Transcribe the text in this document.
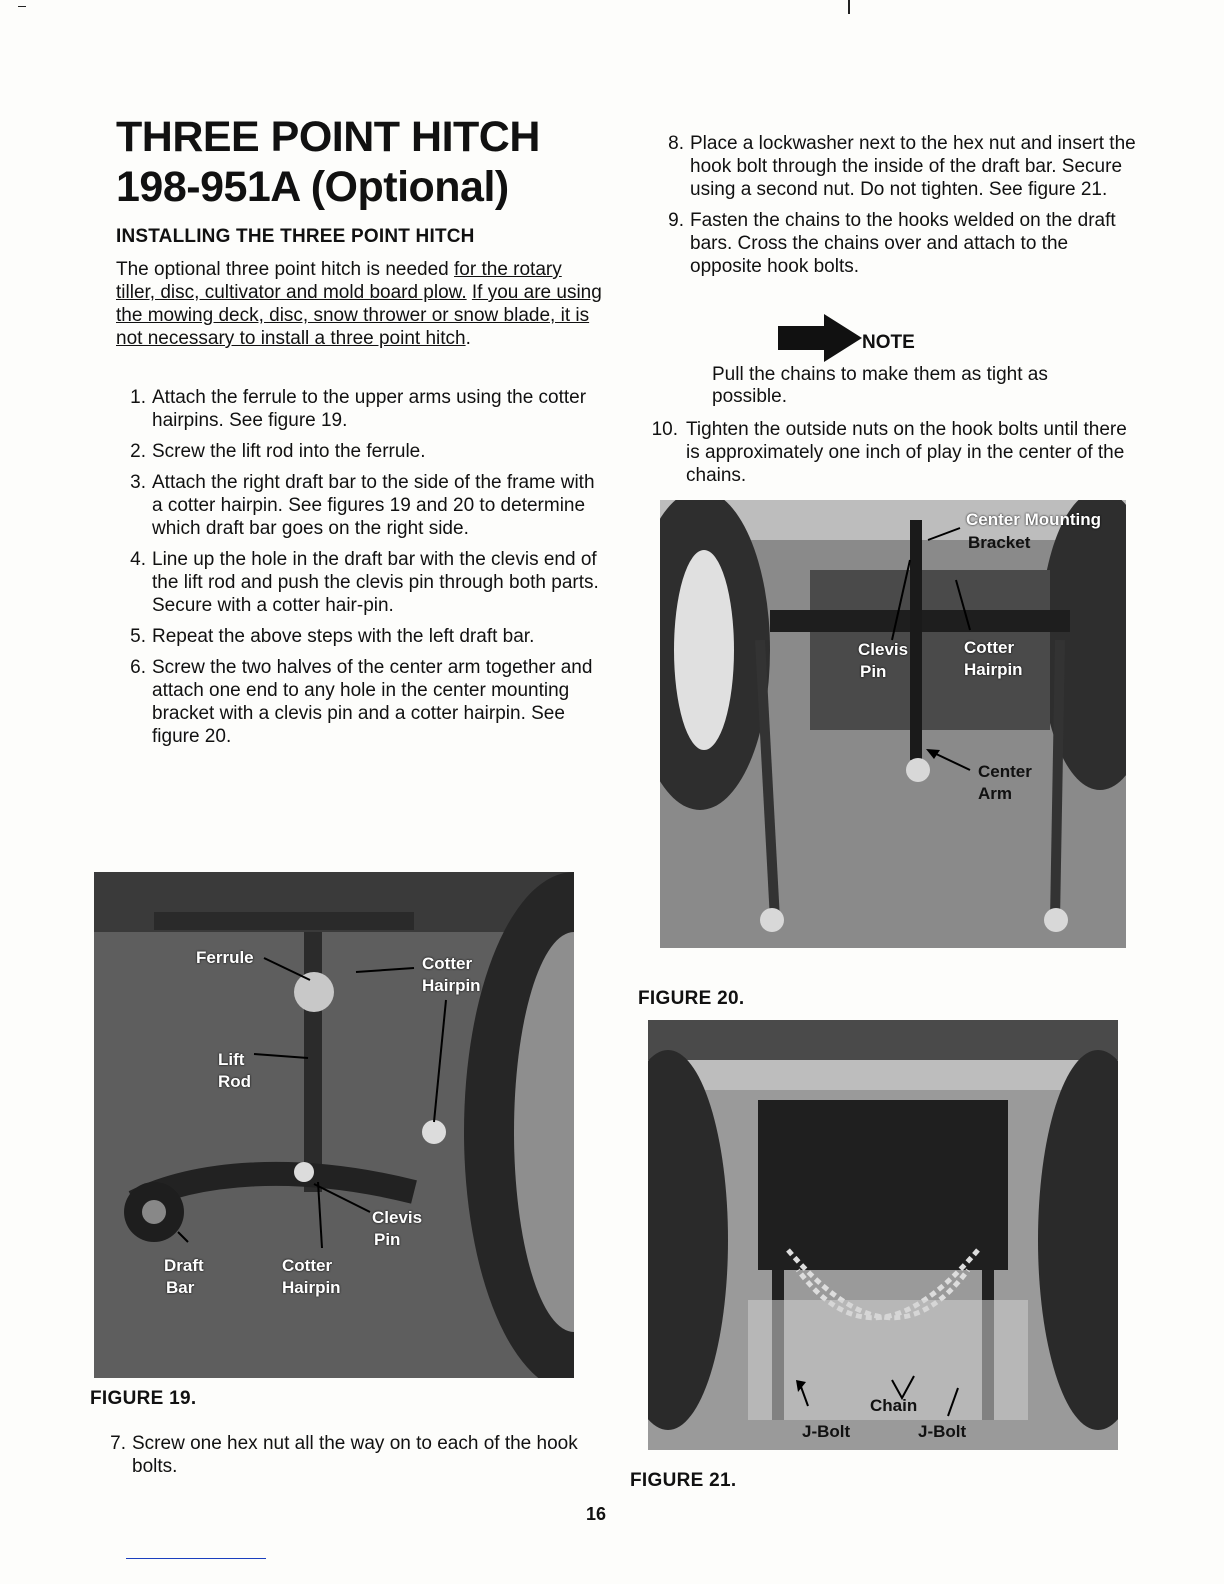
THREE POINT HITCH
198-951A (Optional)
INSTALLING THE THREE POINT HITCH
The optional three point hitch is needed for the rotary tiller, disc, cultivator and mold board plow. If you are using the mowing deck, disc, snow thrower or snow blade, it is not necessary to install a three point hitch.
1. Attach the ferrule to the upper arms using the cotter hairpins. See figure 19.
2. Screw the lift rod into the ferrule.
3. Attach the right draft bar to the side of the frame with a cotter hairpin. See figures 19 and 20 to determine which draft bar goes on the right side.
4. Line up the hole in the draft bar with the clevis end of the lift rod and push the clevis pin through both parts. Secure with a cotter hair-pin.
5. Repeat the above steps with the left draft bar.
6. Screw the two halves of the center arm together and attach one end to any hole in the center mounting bracket with a clevis pin and a cotter hairpin. See figure 20.
8. Place a lockwasher next to the hex nut and insert the hook bolt through the inside of the draft bar. Secure using a second nut. Do not tighten. See figure 21.
9. Fasten the chains to the hooks welded on the draft bars. Cross the chains over and attach to the opposite hook bolts.
NOTE
Pull the chains to make them as tight as possible.
10. Tighten the outside nuts on the hook bolts until there is approximately one inch of play in the center of the chains.
Center Mounting
Bracket
Clevis
Pin
Cotter
Hairpin
Center
Arm
FIGURE 20.
Ferrule	Cotter
Hairpin
Lift
Rod
Clevis
Pin
Draft
Bar
Cotter
Hairpin
FIGURE 19.
7. Screw one hex nut all the way on to each of the hook bolts.
Chain
J-Bolt	J-Bolt
FIGURE 21.
16
